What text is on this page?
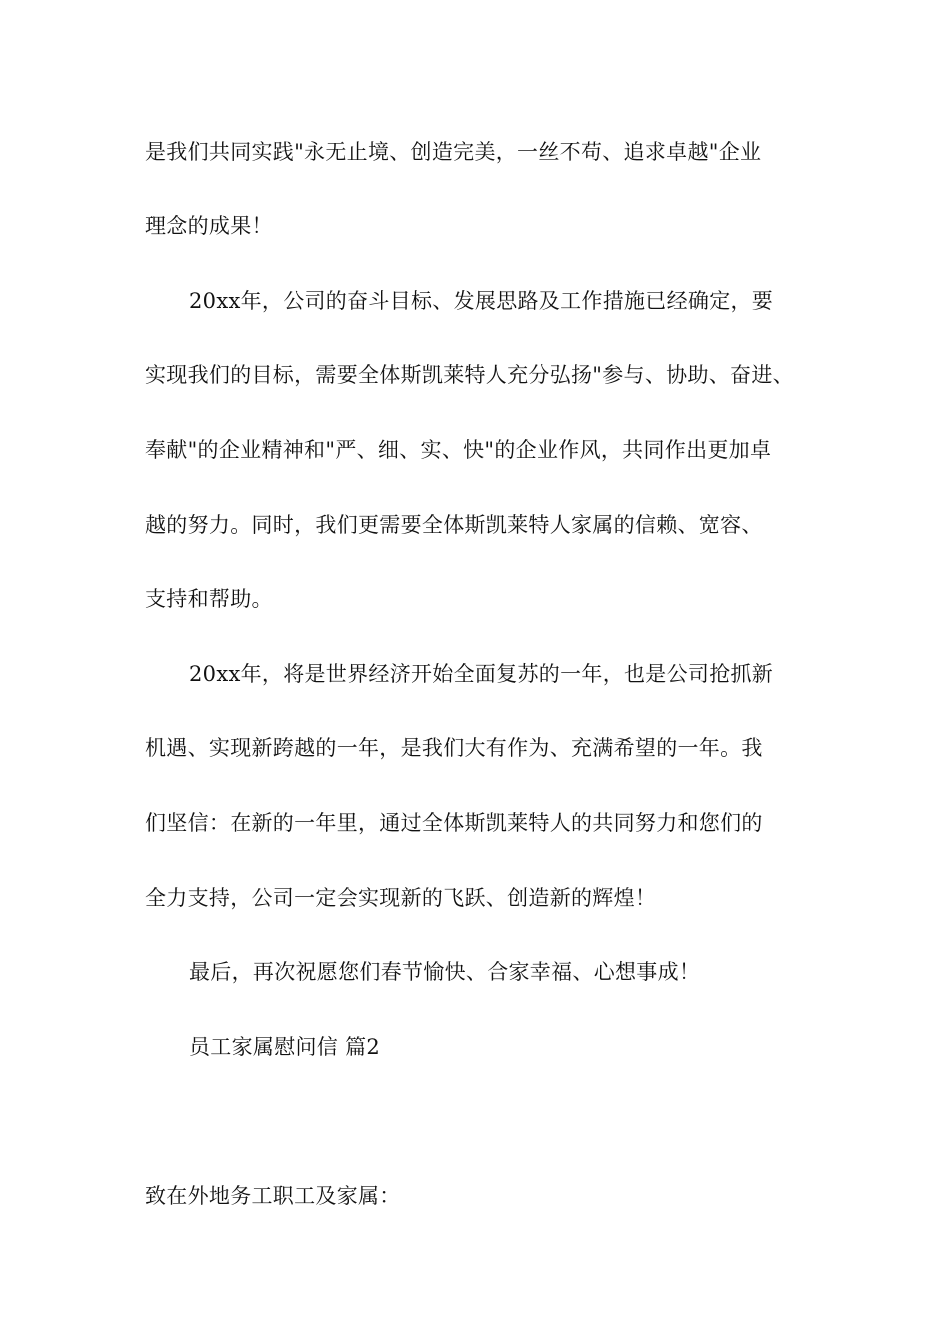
是我们共同实践"永无止境、创造完美，一丝不苟、追求卓越"企业
理念的成果！
20xx年，公司的奋斗目标、发展思路及工作措施已经确定，要
实现我们的目标，需要全体斯凯莱特人充分弘扬"参与、协助、奋进、
奉献"的企业精神和"严、细、实、快"的企业作风，共同作出更加卓
越的努力。同时，我们更需要全体斯凯莱特人家属的信赖、宽容、
支持和帮助。
20xx年，将是世界经济开始全面复苏的一年，也是公司抢抓新
机遇、实现新跨越的一年，是我们大有作为、充满希望的一年。我
们坚信：在新的一年里，通过全体斯凯莱特人的共同努力和您们的
全力支持，公司一定会实现新的飞跃、创造新的辉煌！
最后，再次祝愿您们春节愉快、合家幸福、心想事成！
员工家属慰问信 篇2
致在外地务工职工及家属：
